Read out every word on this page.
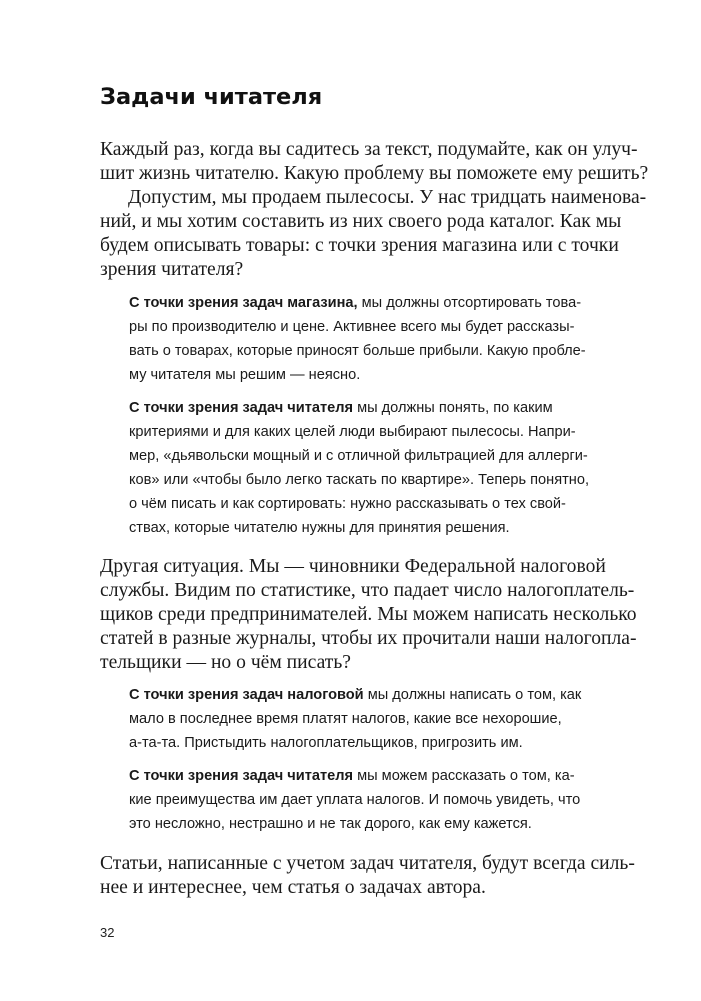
Задачи читателя
Каждый раз, когда вы садитесь за текст, подумайте, как он улуч-
шит жизнь читателю. Какую проблему вы поможете ему решить?
Допустим, мы продаем пылесосы. У нас тридцать наименова-
ний, и мы хотим составить из них своего рода каталог. Как мы
будем описывать товары: с точки зрения магазина или с точки
зрения читателя?
С точки зрения задач магазина, мы должны отсортировать това-
ры по производителю и цене. Активнее всего мы будет рассказы-
вать о товарах, которые приносят больше прибыли. Какую пробле-
му читателя мы решим — неясно.
С точки зрения задач читателя мы должны понять, по каким
критериями и для каких целей люди выбирают пылесосы. Напри-
мер, «дьявольски мощный и с отличной фильтрацией для аллерги-
ков» или «чтобы было легко таскать по квартире». Теперь понятно,
о чём писать и как сортировать: нужно рассказывать о тех свой-
ствах, которые читателю нужны для принятия решения.
Другая ситуация. Мы — чиновники Федеральной налоговой
службы. Видим по статистике, что падает число налогоплатель-
щиков среди предпринимателей. Мы можем написать несколько
статей в разные журналы, чтобы их прочитали наши налогопла-
тельщики — но о чём писать?
С точки зрения задач налоговой мы должны написать о том, как
мало в последнее время платят налогов, какие все нехорошие,
а-та-та. Пристыдить налогоплательщиков, пригрозить им.
С точки зрения задач читателя мы можем рассказать о том, ка-
кие преимущества им дает уплата налогов. И помочь увидеть, что
это несложно, нестрашно и не так дорого, как ему кажется.
Статьи, написанные с учетом задач читателя, будут всегда силь-
нее и интереснее, чем статья о задачах автора.
32
